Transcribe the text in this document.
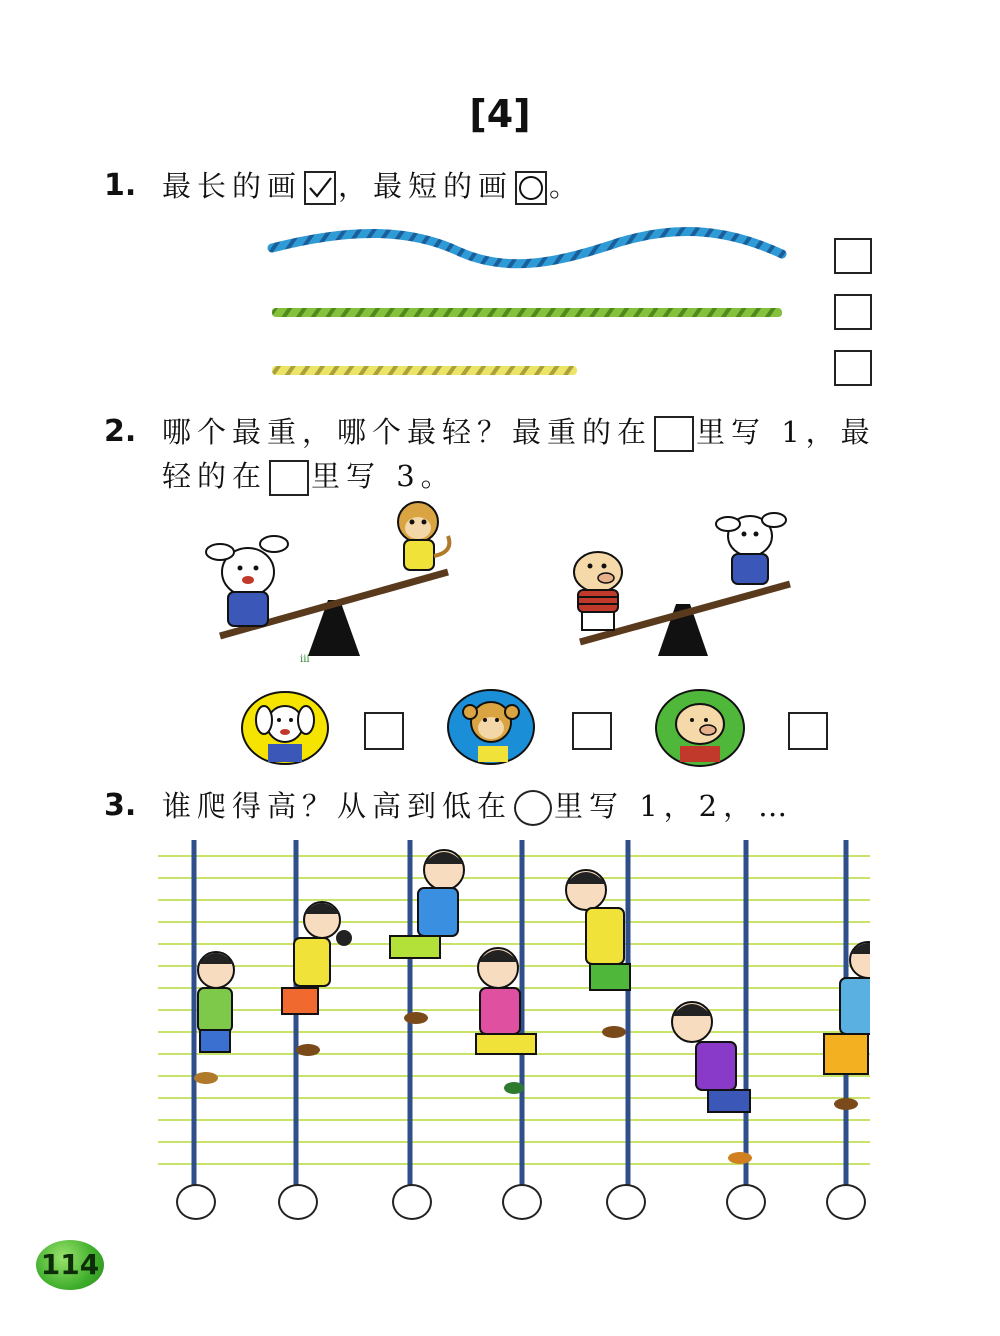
[4]
1. 最长的画 ，最短的画 。
2. 哪个最重，哪个最轻？最重的在 里写 1，最
轻的在 里写 3。
ⅰⅰⅰ
3. 谁爬得高？从高到低在 里写 1，2，…
114
